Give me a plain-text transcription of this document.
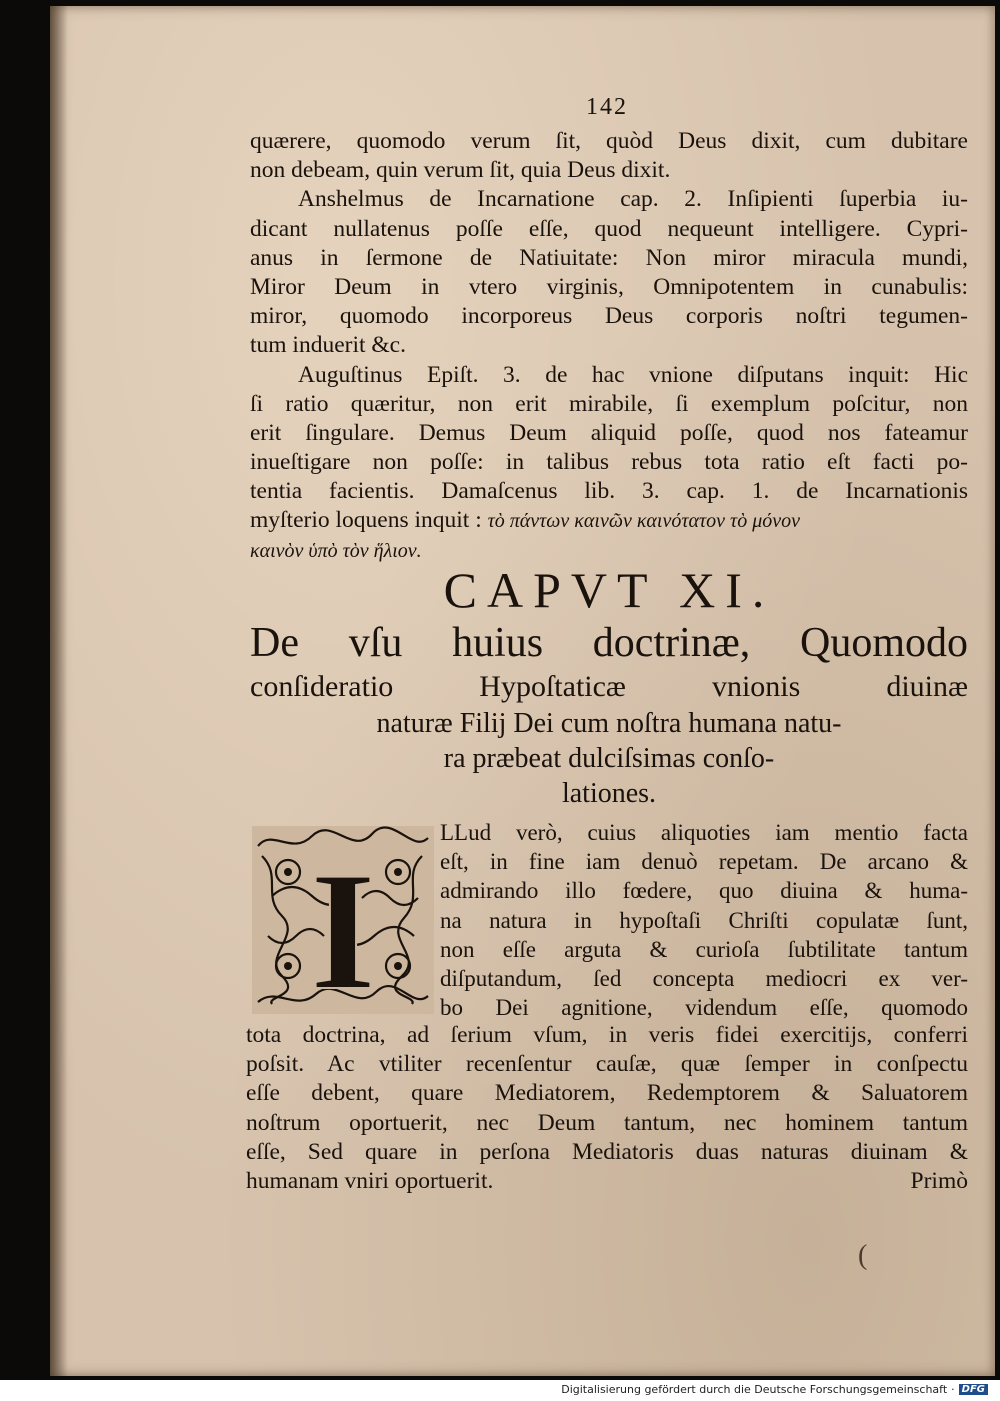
142
quærere, quomodo verum ſit, quòd Deus dixit, cum dubitare
non debeam, quin verum ſit, quia Deus dixit.
Anshelmus de Incarnatione cap. 2. Inſipienti ſuperbia iu-
dicant nullatenus poſſe eſſe, quod nequeunt intelligere. Cypri-
anus in ſermone de Natiuitate: Non miror miracula mundi,
Miror Deum in vtero virginis, Omnipotentem in cunabulis:
miror, quomodo incorporeus Deus corporis noſtri tegumen-
tum induerit &c.
Auguſtinus Epiſt. 3. de hac vnione diſputans inquit: Hic
ſi ratio quæritur, non erit mirabile, ſi exemplum poſcitur, non
erit ſingulare. Demus Deum aliquid poſſe, quod nos fateamur
inueſtigare non poſſe: in talibus rebus tota ratio eſt facti po-
tentia facientis. Damaſcenus lib. 3. cap. 1. de Incarnationis
myſterio loquens inquit : τὸ πάντων καινῶν καινότατον τὸ μόνον
καινὸν ὑπὸ τὸν ἥλιον.
CAPVT XI.
De vſu huius doctrinæ, Quomodo
conſideratio Hypoſtaticæ vnionis diuinæ
naturæ Filij Dei cum noſtra humana natu-
ra præbeat dulciſsimas conſo-
lationes.
I
LLud verò, cuius aliquoties iam mentio facta
eſt, in fine iam denuò repetam. De arcano &
admirando illo fœdere, quo diuina & huma-
na natura in hypoſtaſi Chriſti copulatæ ſunt,
non eſſe arguta & curioſa ſubtilitate tantum
diſputandum, ſed concepta mediocri ex ver-
bo Dei agnitione, videndum eſſe, quomodo
tota doctrina, ad ſerium vſum, in veris fidei exercitijs, conferri
poſsit. Ac vtiliter recenſentur cauſæ, quæ ſemper in conſpectu
eſſe debent, quare Mediatorem, Redemptorem & Saluatorem
noſtrum oportuerit, nec Deum tantum, nec hominem tantum
eſſe, Sed quare in perſona Mediatoris duas naturas diuinam &
humanam vniri oportuerit.	Primò
(
Digitalisierung gefördert durch die Deutsche Forschungsgemeinschaft · DFG
